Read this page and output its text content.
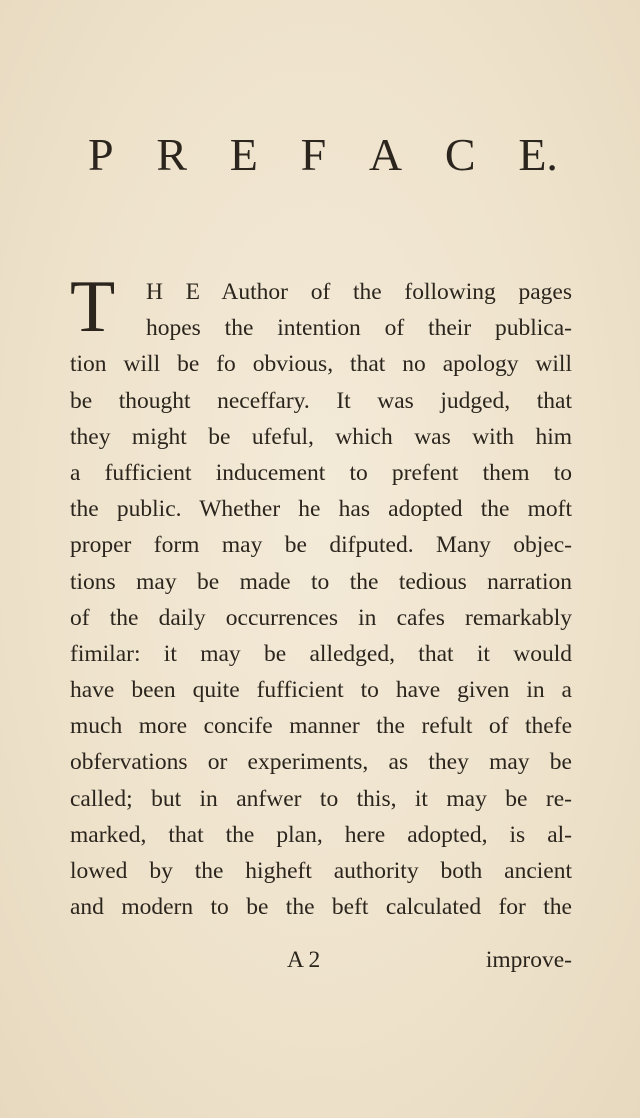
P R E F A C E.
T H E Author of the following pages
hopes the intention of their publica-
tion will be fo obvious, that no apology will
be thought neceffary. It was judged, that
they might be ufeful, which was with him
a fufficient inducement to prefent them to
the public. Whether he has adopted the moft
proper form may be difputed. Many objec-
tions may be made to the tedious narration
of the daily occurrences in cafes remarkably
fimilar: it may be alledged, that it would
have been quite fufficient to have given in a
much more concife manner the refult of thefe
obfervations or experiments, as they may be
called; but in anfwer to this, it may be re-
marked, that the plan, here adopted, is al-
lowed by the higheft authority both ancient
and modern to be the beft calculated for the
A 2	improve-
